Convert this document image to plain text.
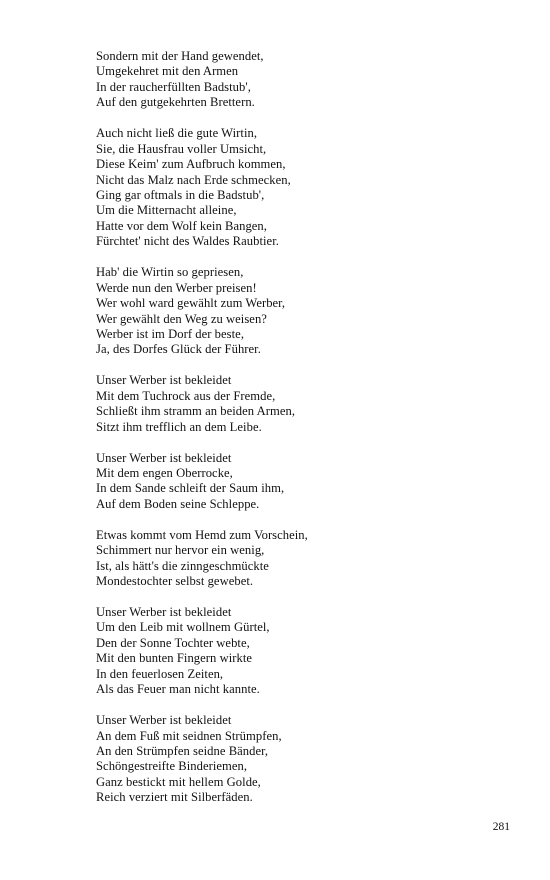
Sondern mit der Hand gewendet,
Umgekehret mit den Armen
In der raucherfüllten Badstub',
Auf den gutgekehrten Brettern.
Auch nicht ließ die gute Wirtin,
Sie, die Hausfrau voller Umsicht,
Diese Keim' zum Aufbruch kommen,
Nicht das Malz nach Erde schmecken,
Ging gar oftmals in die Badstub',
Um die Mitternacht alleine,
Hatte vor dem Wolf kein Bangen,
Fürchtet' nicht des Waldes Raubtier.
Hab' die Wirtin so gepriesen,
Werde nun den Werber preisen!
Wer wohl ward gewählt zum Werber,
Wer gewählt den Weg zu weisen?
Werber ist im Dorf der beste,
Ja, des Dorfes Glück der Führer.
Unser Werber ist bekleidet
Mit dem Tuchrock aus der Fremde,
Schließt ihm stramm an beiden Armen,
Sitzt ihm trefflich an dem Leibe.
Unser Werber ist bekleidet
Mit dem engen Oberrocke,
In dem Sande schleift der Saum ihm,
Auf dem Boden seine Schleppe.
Etwas kommt vom Hemd zum Vorschein,
Schimmert nur hervor ein wenig,
Ist, als hätt's die zinngeschmückte
Mondestochter selbst gewebet.
Unser Werber ist bekleidet
Um den Leib mit wollnem Gürtel,
Den der Sonne Tochter webte,
Mit den bunten Fingern wirkte
In den feuerlosen Zeiten,
Als das Feuer man nicht kannte.
Unser Werber ist bekleidet
An dem Fuß mit seidnen Strümpfen,
An den Strümpfen seidne Bänder,
Schöngestreifte Binderiemen,
Ganz bestickt mit hellem Golde,
Reich verziert mit Silberfäden.
281
